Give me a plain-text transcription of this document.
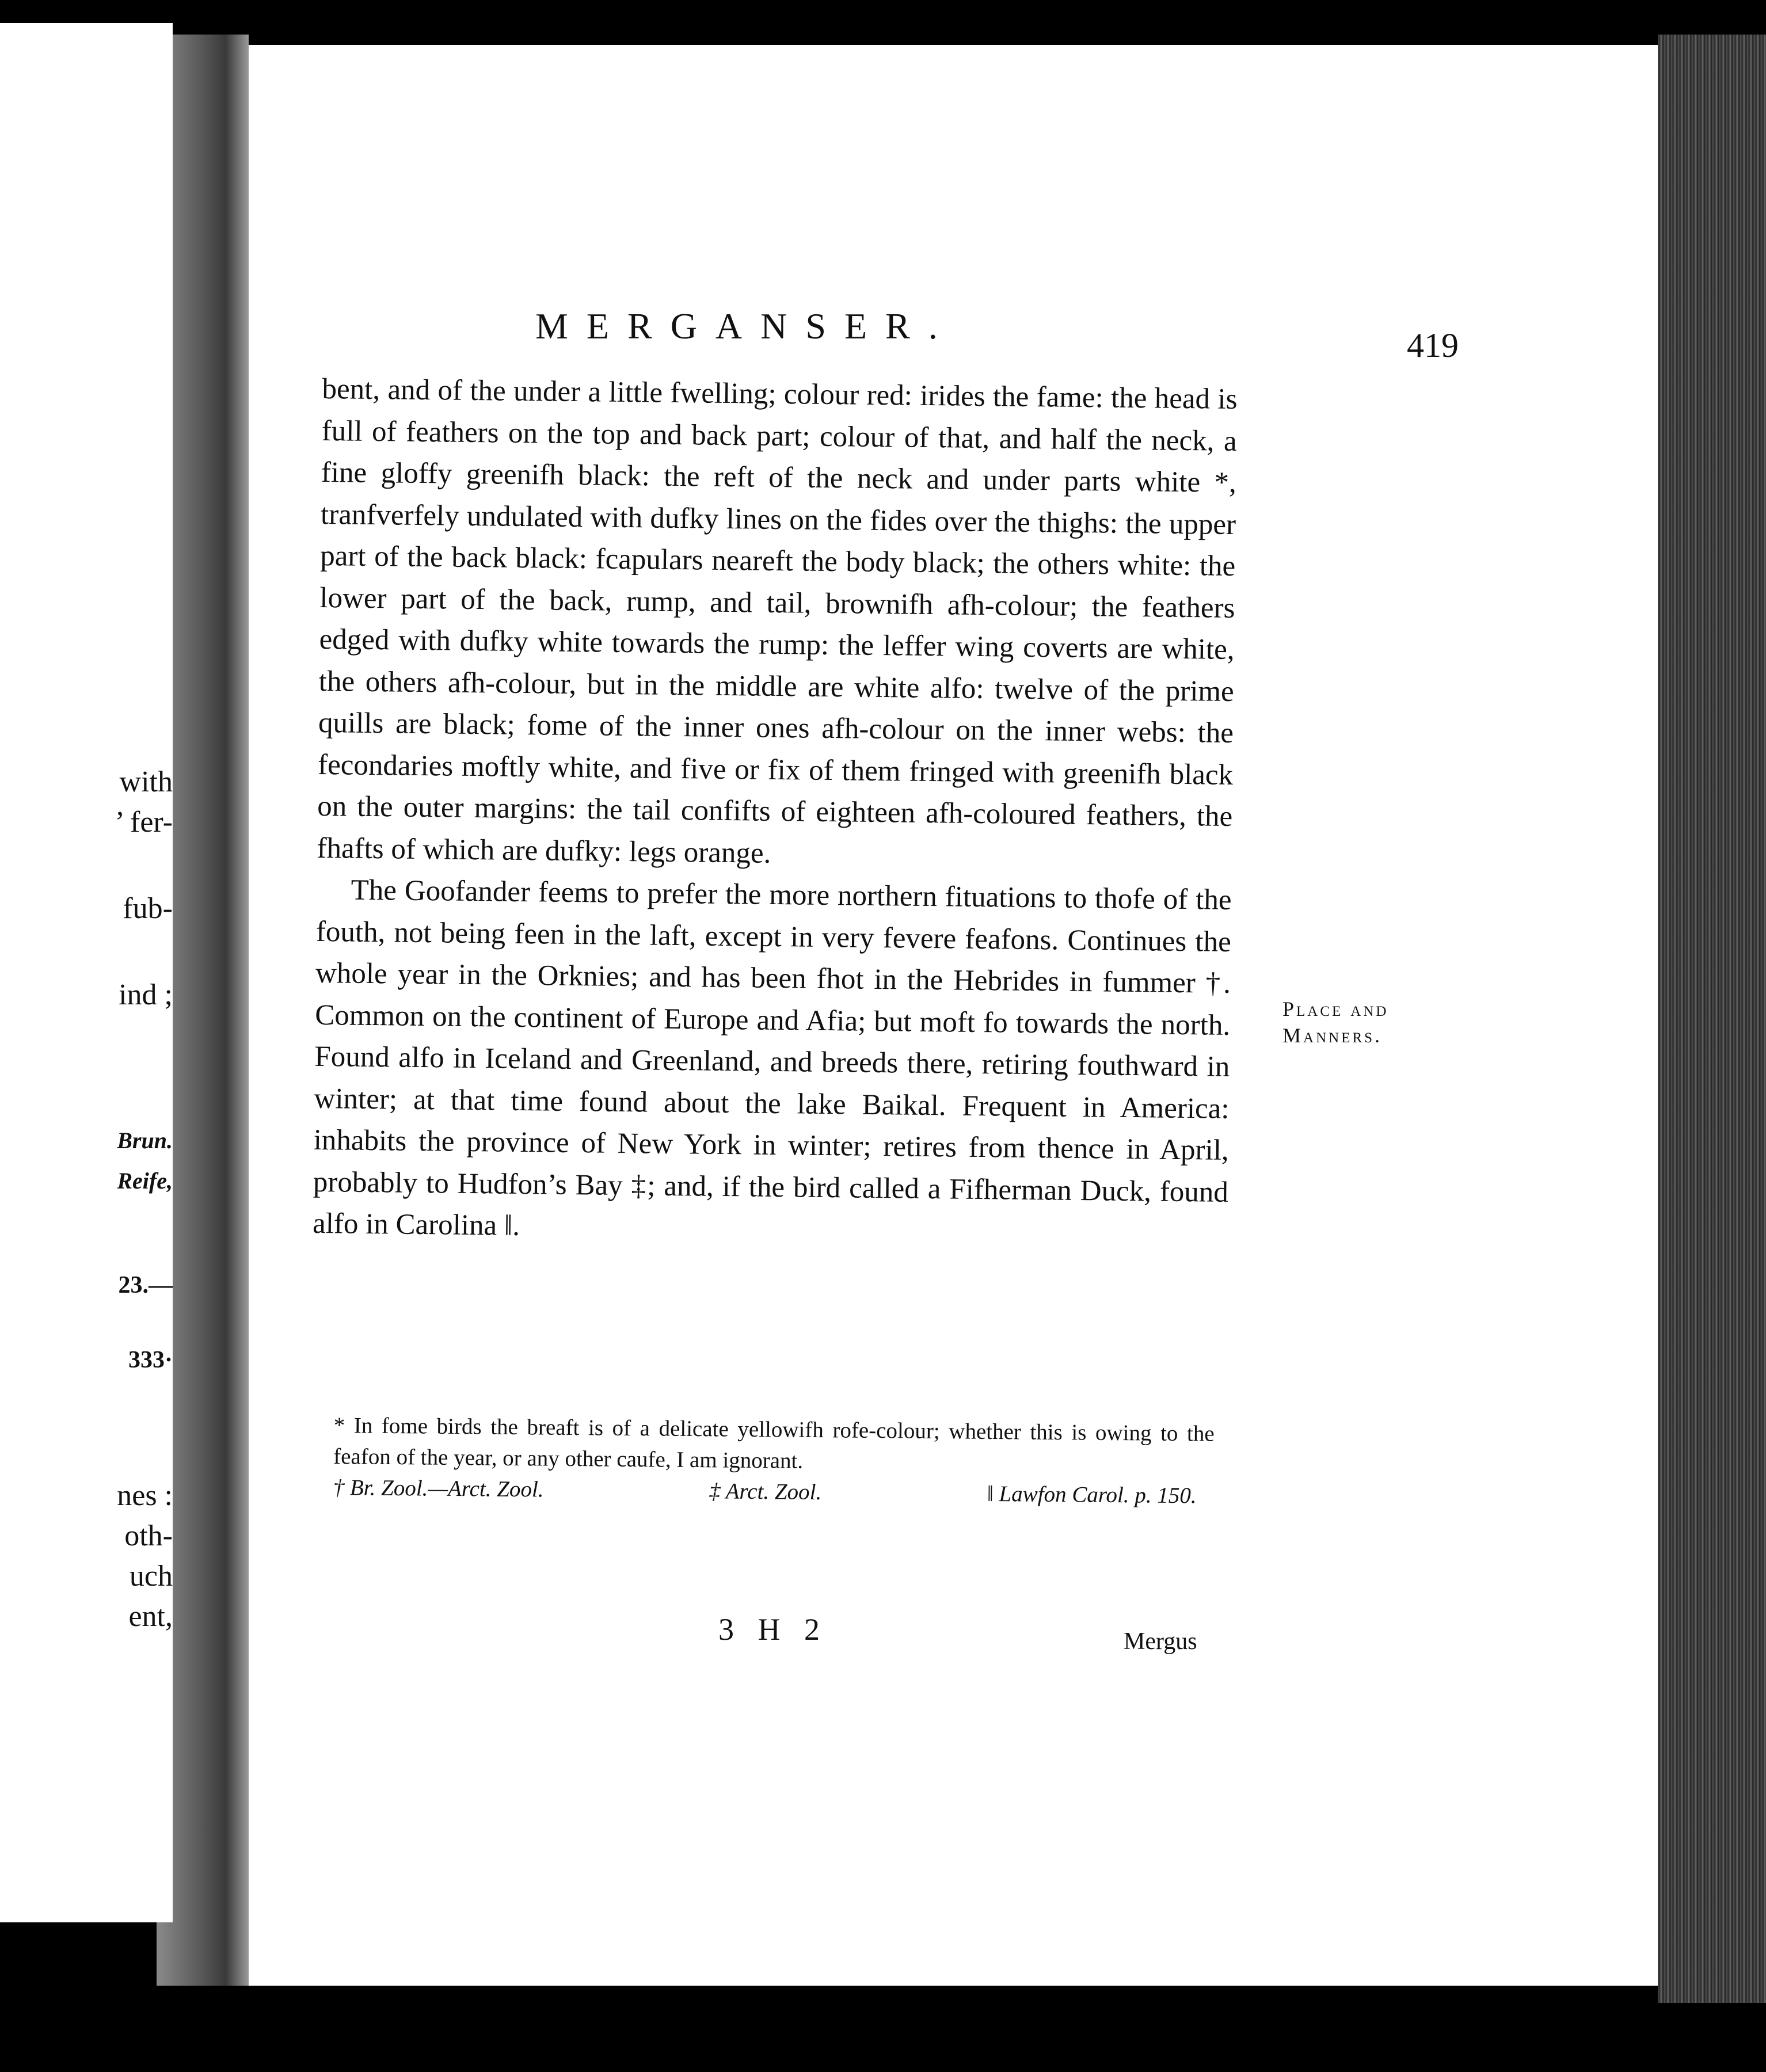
with
’ fer-
fub-
ind ;
Brun.
Reife,
23.—
333·
nes :
oth-
uch
ent,
MERGANSER.	419

bent, and of the under a little fwelling; colour red: irides the fame: the head is full of feathers on the top and back part; colour of that, and half the neck, a fine gloffy greenifh black: the reft of the neck and under parts white *, tranfverfely undulated with dufky lines on the fides over the thighs: the upper part of the back black: fcapulars neareft the body black; the others white: the lower part of the back, rump, and tail, brownifh afh-colour; the feathers edged with dufky white towards the rump: the leffer wing coverts are white, the others afh-colour, but in the middle are white alfo: twelve of the prime quills are black; fome of the inner ones afh-colour on the inner webs: the fecondaries moftly white, and five or fix of them fringed with greenifh black on the outer margins: the tail confifts of eighteen afh-coloured feathers, the fhafts of which are dufky: legs orange.

The Goofander feems to prefer the more northern fituations to thofe of the fouth, not being feen in the laft, except in very fevere feafons. Continues the whole year in the Orknies; and has been fhot in the Hebrides in fummer †. Common on the continent of Europe and Afia; but moft fo towards the north. Found alfo in Iceland and Greenland, and breeds there, retiring fouthward in winter; at that time found about the lake Baikal. Frequent in America: inhabits the province of New York in winter; retires from thence in April, probably to Hudfon’s Bay ‡; and, if the bird called a Fifherman Duck, found alfo in Carolina ‖.

Place and
Manners.

* In fome birds the breaft is of a delicate yellowifh rofe-colour; whether this is owing to the feafon of the year, or any other caufe, I am ignorant.

† Br. Zool.—Arct. Zool.	‡ Arct. Zool.	‖ Lawfon Carol. p. 150.
3 H 2	Mergus
